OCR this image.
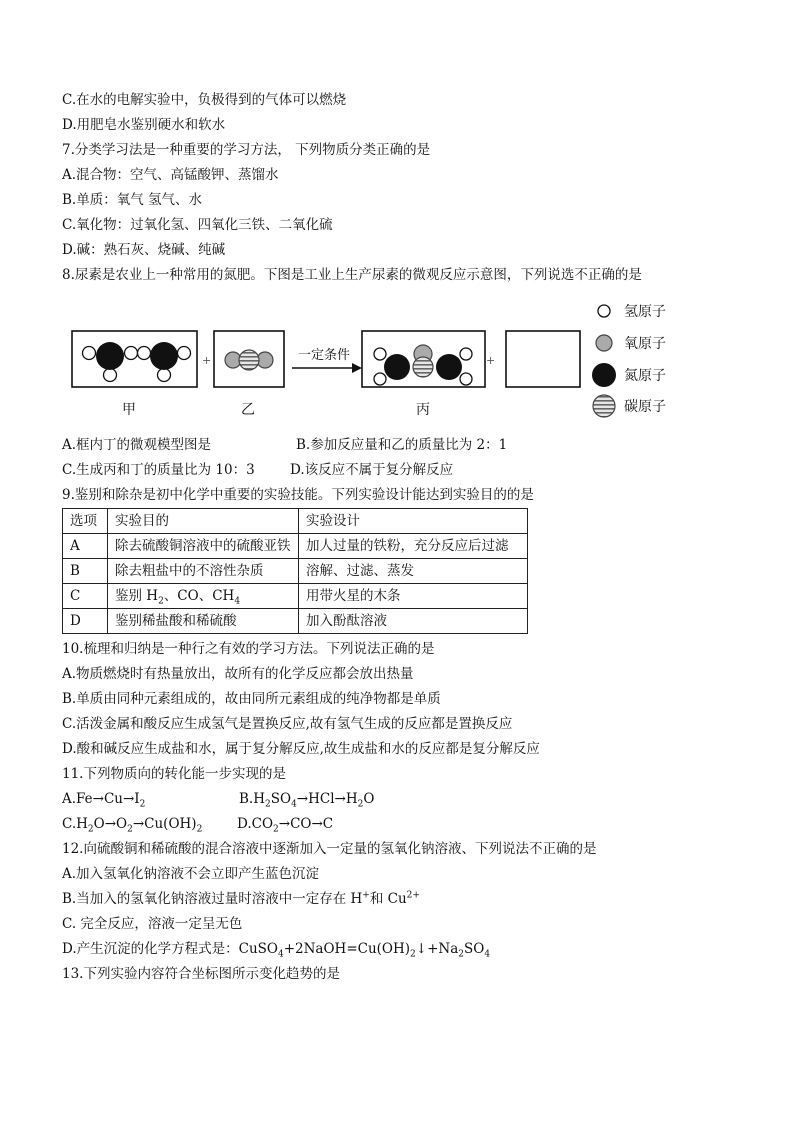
C.在水的电解实验中，负极得到的气体可以燃烧
D.用肥皂水鉴别硬水和软水
7.分类学习法是一种重要的学习方法， 下列物质分类正确的是
A.混合物：空气、高锰酸钾、蒸馏水
B.单质：氧气 氢气、水
C.氧化物：过氧化氢、四氧化三铁、二氧化硫
D.碱：熟石灰、烧碱、纯碱
8.尿素是农业上一种常用的氮肥。下图是工业上生产尿素的微观反应示意图，下列说选不正确的是
+	一定条件	+
甲	乙	丙
氢原子
氧原子
氮原子
碳原子
A.框内丁的微观模型图是	B.参加反应量和乙的质量比为 2：1
C.生成丙和丁的质量比为 10：3	D.该反应不属于复分解反应
9.鉴别和除杂是初中化学中重要的实验技能。下列实验设计能达到实验目的的是
选项	实验目的	实验设计
A	除去硫酸铜溶液中的硫酸亚铁	加人过量的铁粉，充分反应后过滤
B	除去粗盐中的不溶性杂质	溶解、过滤、蒸发
C	鉴别 $H_2$、CO、$CH_4$	用带火星的木条
D	鉴别稀盐酸和稀硫酸	加入酚酞溶液
10.梳理和归纳是一种行之有效的学习方法。下列说法正确的是
A.物质燃烧时有热量放出，故所有的化学反应都会放出热量
B.单质由同种元素组成的，故由同所元素组成的纯净物都是单质
C.活泼金属和酸反应生成氢气是置换反应,故有氢气生成的反应都是置换反应
D.酸和碱反应生成盐和水，属于复分解反应,故生成盐和水的反应都是复分解反应
11.下列物质向的转化能一步实现的是
$A.Fe\to Cu\to I_2$	$B.H_2SO_4\to HCl\to H_2O$
$C.H_2O\to O_2\to Cu(OH)_2$	$D.CO_2\to CO\to C$
12.向硫酸铜和稀硫酸的混合溶液中逐渐加入一定量的氢氧化钠溶液、下列说法不正确的是
A.加入氢氧化钠溶液不会立即产生蓝色沉淀
B.当加入的氢氧化钠溶液过量时溶液中一定存在 H+和 $Cu^{2+}$
C. 完全反应，溶液一定呈无色
D.产生沉淀的化学方程式是：$CuSO_4+2NaOH=Cu(OH)_2↓+Na_2SO_4$
13.下列实验内容符合坐标图所示变化趋势的是
